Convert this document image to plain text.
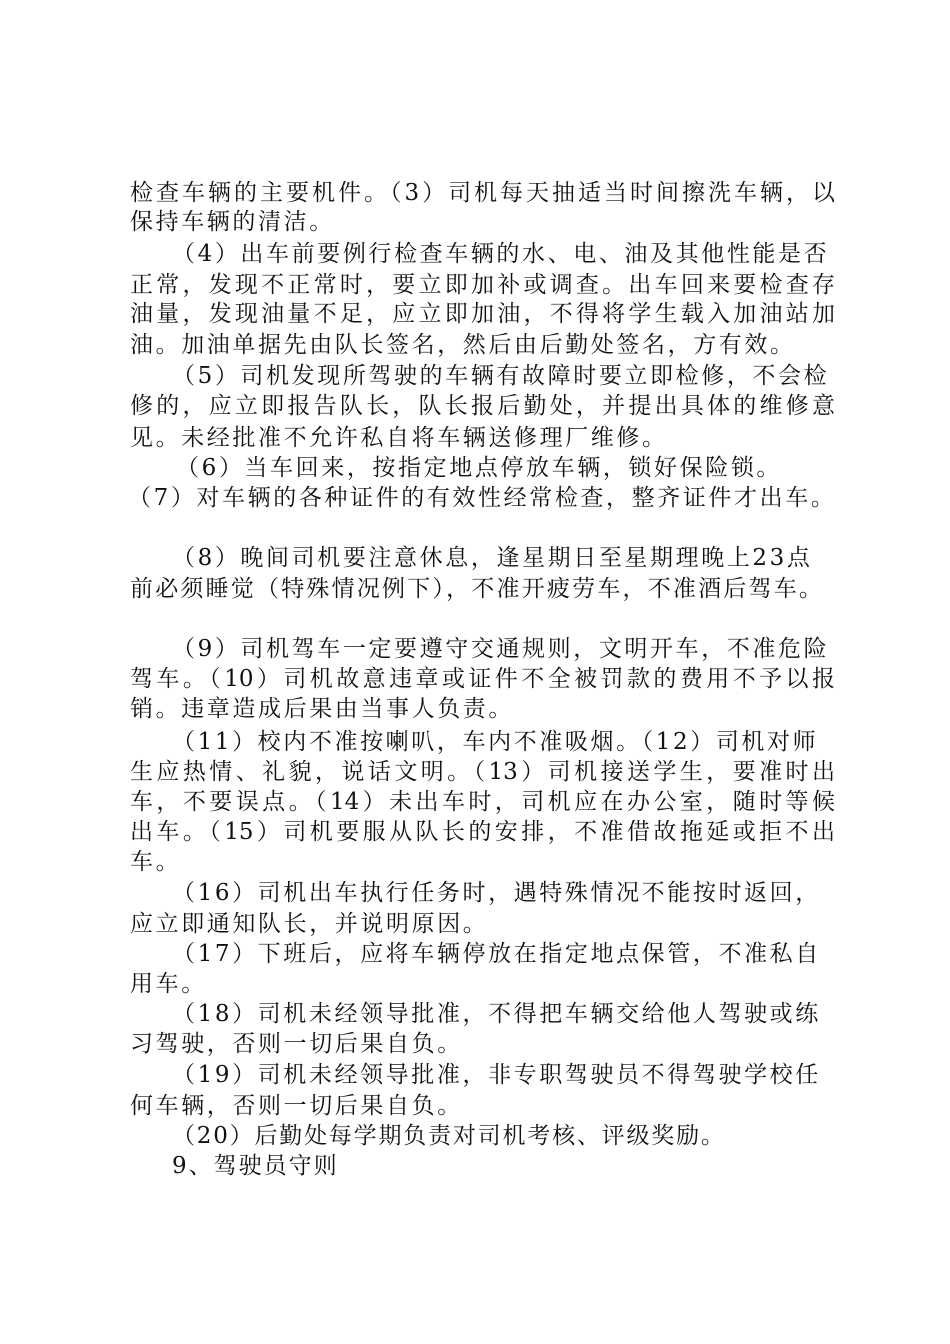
检查车辆的主要机件。（3）司机每天抽适当时间擦洗车辆，以
保持车辆的清洁。
（4）出车前要例行检查车辆的水、电、油及其他性能是否
正常，发现不正常时，要立即加补或调查。出车回来要检查存
油量，发现油量不足，应立即加油，不得将学生载入加油站加
油。加油单据先由队长签名，然后由后勤处签名，方有效。
（5）司机发现所驾驶的车辆有故障时要立即检修，不会检
修的，应立即报告队长，队长报后勤处，并提出具体的维修意
见。未经批准不允许私自将车辆送修理厂维修。
（6）当车回来，按指定地点停放车辆，锁好保险锁。
（7）对车辆的各种证件的有效性经常检查，整齐证件才出车。
（8）晚间司机要注意休息，逢星期日至星期理晚上23点
前必须睡觉（特殊情况例下），不准开疲劳车，不准酒后驾车。
（9）司机驾车一定要遵守交通规则，文明开车，不准危险
驾车。（10）司机故意违章或证件不全被罚款的费用不予以报
销。违章造成后果由当事人负责。
（11）校内不准按喇叭，车内不准吸烟。（12）司机对师
生应热情、礼貌，说话文明。（13）司机接送学生，要准时出
车，不要误点。（14）未出车时，司机应在办公室，随时等候
出车。（15）司机要服从队长的安排，不准借故拖延或拒不出
车。
（16）司机出车执行任务时，遇特殊情况不能按时返回，
应立即通知队长，并说明原因。
（17）下班后，应将车辆停放在指定地点保管，不准私自
用车。
（18）司机未经领导批准，不得把车辆交给他人驾驶或练
习驾驶，否则一切后果自负。
（19）司机未经领导批准，非专职驾驶员不得驾驶学校任
何车辆，否则一切后果自负。
（20）后勤处每学期负责对司机考核、评级奖励。
9、驾驶员守则
